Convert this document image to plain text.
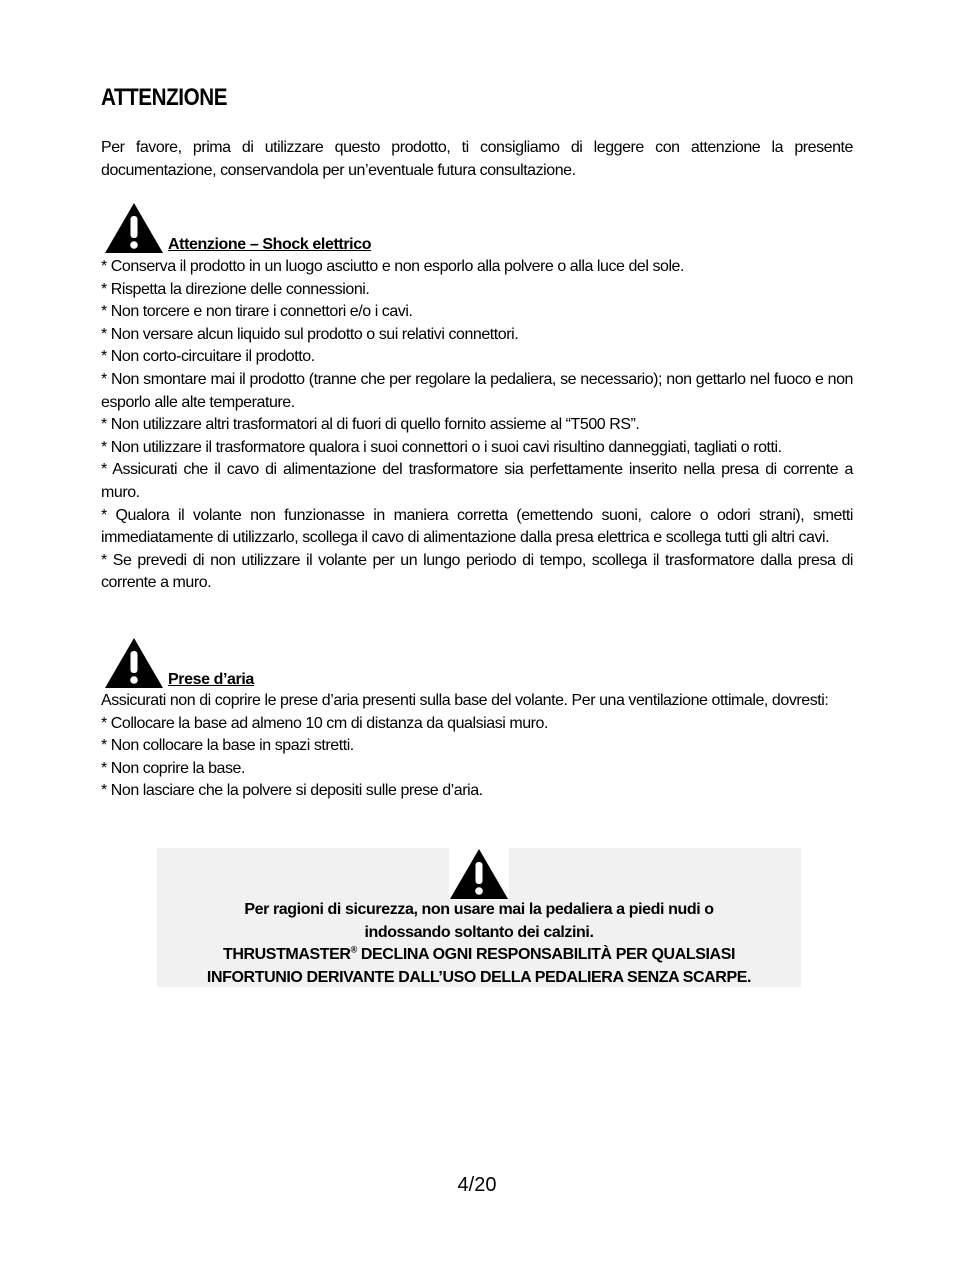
ATTENZIONE

Per favore, prima di utilizzare questo prodotto, ti consigliamo di leggere con attenzione la presente documentazione, conservandola per un’eventuale futura consultazione.

Attenzione – Shock elettrico

* Conserva il prodotto in un luogo asciutto e non esporlo alla polvere o alla luce del sole.

* Rispetta la direzione delle connessioni.

* Non torcere e non tirare i connettori e/o i cavi.

* Non versare alcun liquido sul prodotto o sui relativi connettori.

* Non corto-circuitare il prodotto.

* Non smontare mai il prodotto (tranne che per regolare la pedaliera, se necessario); non gettarlo nel fuoco e non esporlo alle alte temperature.

* Non utilizzare altri trasformatori al di fuori di quello fornito assieme al “T500 RS”.

* Non utilizzare il trasformatore qualora i suoi connettori o i suoi cavi risultino danneggiati, tagliati o rotti.

* Assicurati che il cavo di alimentazione del trasformatore sia perfettamente inserito nella presa di corrente a muro.

* Qualora il volante non funzionasse in maniera corretta (emettendo suoni, calore o odori strani), smetti immediatamente di utilizzarlo, scollega il cavo di alimentazione dalla presa elettrica e scollega tutti gli altri cavi.

* Se prevedi di non utilizzare il volante per un lungo periodo di tempo, scollega il trasformatore dalla presa di corrente a muro.

Prese d’aria

Assicurati non di coprire le prese d’aria presenti sulla base del volante. Per una ventilazione ottimale, dovresti:

* Collocare la base ad almeno 10 cm di distanza da qualsiasi muro.

* Non collocare la base in spazi stretti.

* Non coprire la base.

* Non lasciare che la polvere si depositi sulle prese d’aria.

Per ragioni di sicurezza, non usare mai la pedaliera a piedi nudi o

indossando soltanto dei calzini.

THRUSTMASTER® DECLINA OGNI RESPONSABILITÀ PER QUALSIASI

INFORTUNIO DERIVANTE DALL’USO DELLA PEDALIERA SENZA SCARPE.

4/20
